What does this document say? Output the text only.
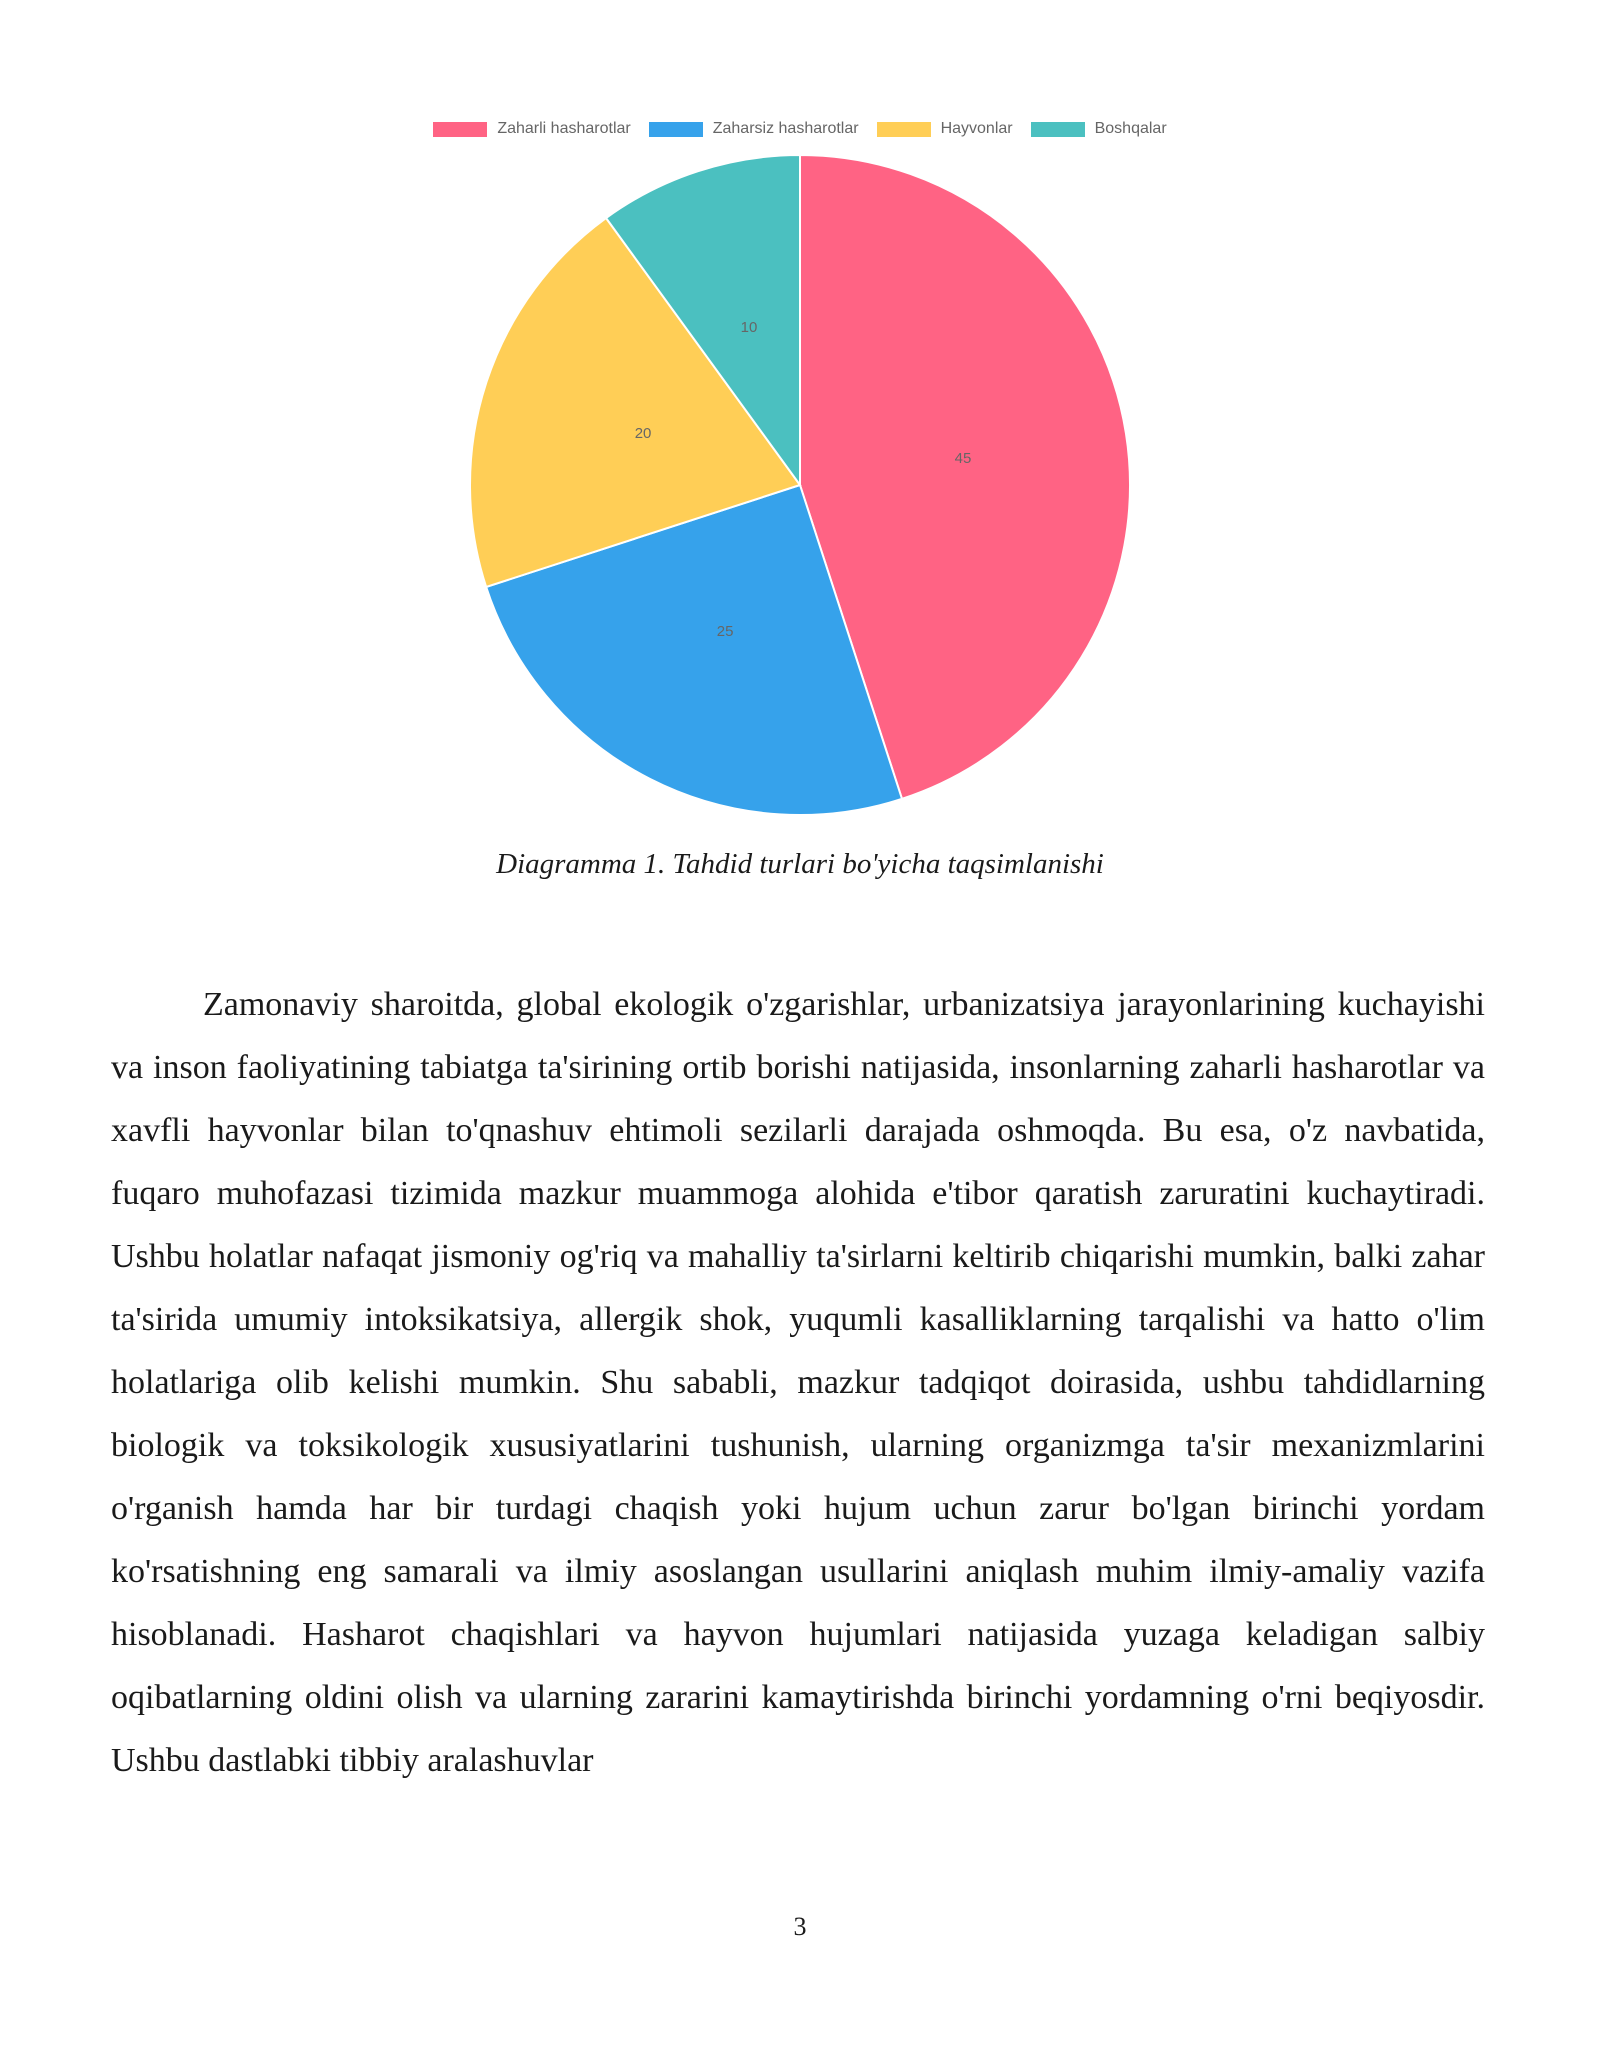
Zaharli hasharotlar	Zaharsiz hasharotlar	Hayvonlar	Boshqalar
45
25
20
10
Diagramma 1. Tahdid turlari bo'yicha taqsimlanishi

Zamonaviy sharoitda, global ekologik o'zgarishlar, urbanizatsiya jarayonlarining kuchayishi va inson faoliyatining tabiatga ta'sirining ortib borishi natijasida, insonlarning zaharli hasharotlar va xavfli hayvonlar bilan to'qnashuv ehtimoli sezilarli darajada oshmoqda. Bu esa, o'z navbatida, fuqaro muhofazasi tizimida mazkur muammoga alohida e'tibor qaratish zaruratini kuchaytiradi. Ushbu holatlar nafaqat jismoniy og'riq va mahalliy ta'sirlarni keltirib chiqarishi mumkin, balki zahar ta'sirida umumiy intoksikatsiya, allergik shok, yuqumli kasalliklarning tarqalishi va hatto o'lim holatlariga olib kelishi mumkin. Shu sababli, mazkur tadqiqot doirasida, ushbu tahdidlarning biologik va toksikologik xususiyatlarini tushunish, ularning organizmga ta'sir mexanizmlarini o'rganish hamda har bir turdagi chaqish yoki hujum uchun zarur bo'lgan birinchi yordam ko'rsatishning eng samarali va ilmiy asoslangan usullarini aniqlash muhim ilmiy-amaliy vazifa hisoblanadi. Hasharot chaqishlari va hayvon hujumlari natijasida yuzaga keladigan salbiy oqibatlarning oldini olish va ularning zararini kamaytirishda birinchi yordamning o'rni beqiyosdir. Ushbu dastlabki tibbiy aralashuvlar

3
